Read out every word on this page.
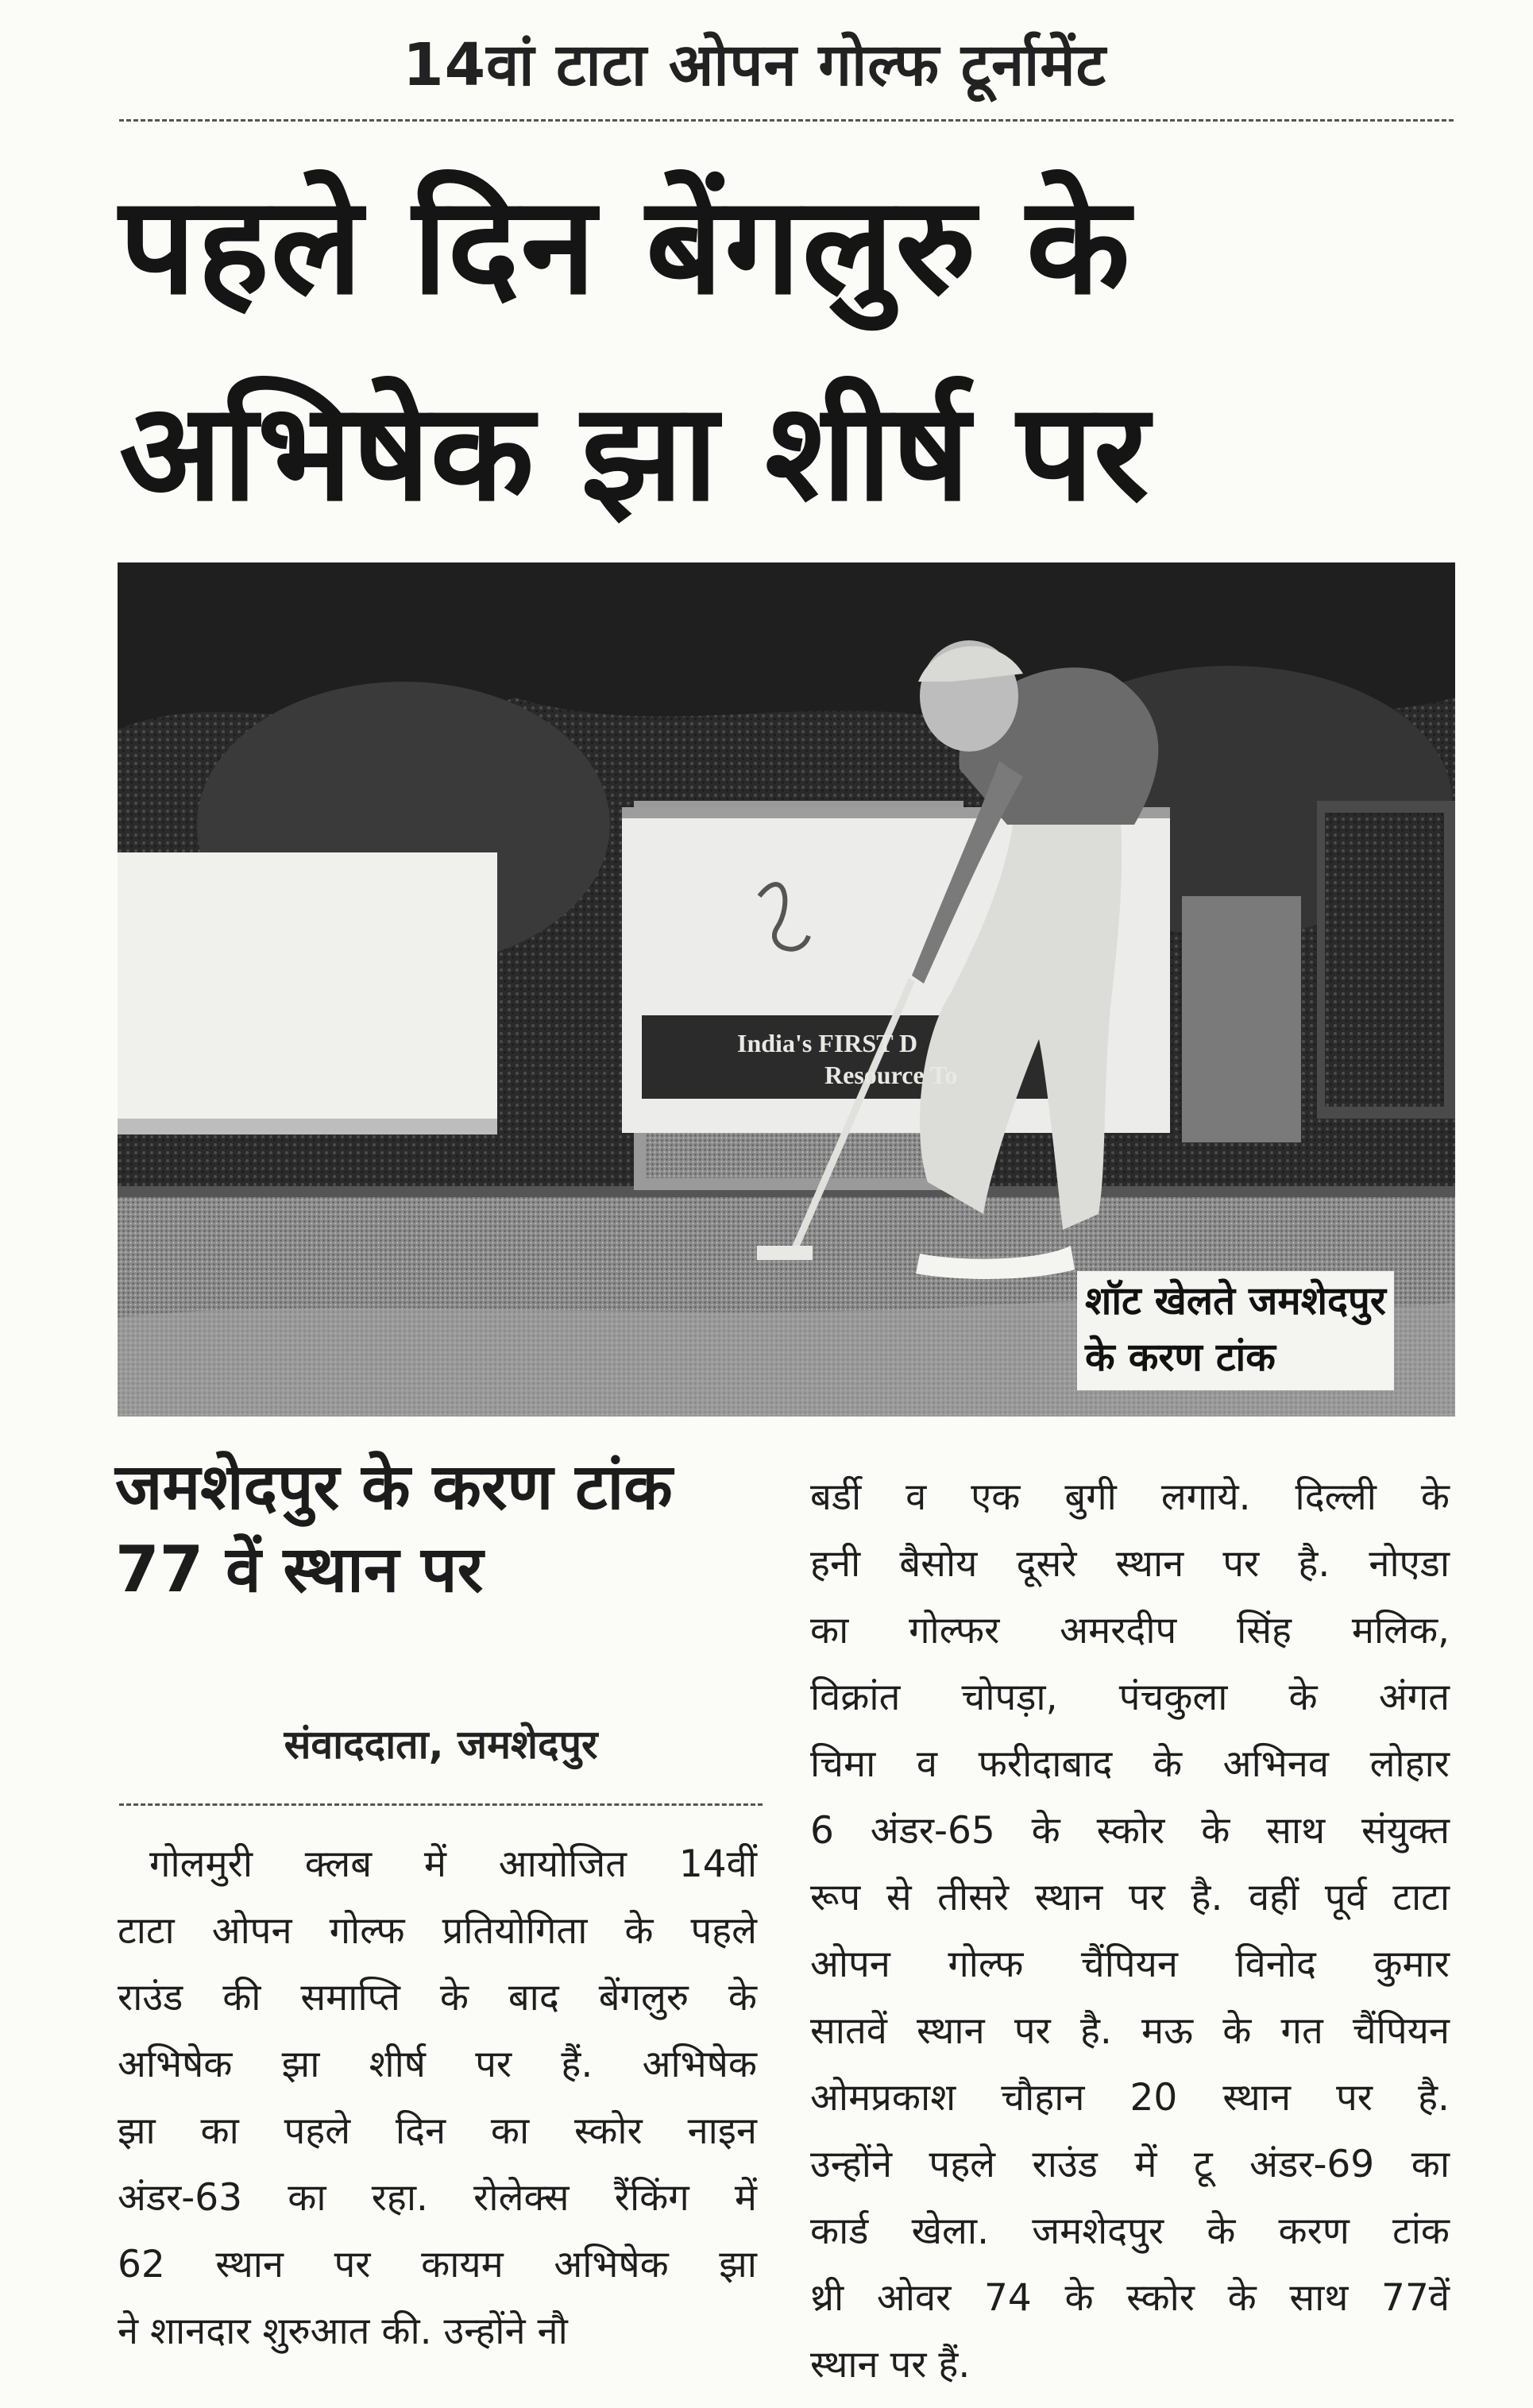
14वां टाटा ओपन गोल्फ टूर्नामेंट
पहले दिन बेंगलुरु के
अभिषेक झा शीर्ष पर
India's FIRST D
Resource To
शॉट खेलते जमशेदपुर
के करण टांक
जमशेदपुर के करण टांक
77 वें स्थान पर
संवाददाता, जमशेदपुर
गोलमुरी क्लब में आयोजित 14वीं
टाटा ओपन गोल्फ प्रतियोगिता के पहले
राउंड की समाप्ति के बाद बेंगलुरु के
अभिषेक झा शीर्ष पर हैं. अभिषेक
झा का पहले दिन का स्कोर नाइन
अंडर-63 का रहा. रोलेक्स रैंकिंग में
62 स्थान पर कायम अभिषेक झा
ने शानदार शुरुआत की. उन्होंने नौ
बर्डी व एक बुगी लगाये. दिल्ली के
हनी बैसोय दूसरे स्थान पर है. नोएडा
का गोल्फर अमरदीप सिंह मलिक,
विक्रांत चोपड़ा, पंचकुला के अंगत
चिमा व फरीदाबाद के अभिनव लोहार
6 अंडर-65 के स्कोर के साथ संयुक्त
रूप से तीसरे स्थान पर है. वहीं पूर्व टाटा
ओपन गोल्फ चैंपियन विनोद कुमार
सातवें स्थान पर है. मऊ के गत चैंपियन
ओमप्रकाश चौहान 20 स्थान पर है.
उन्होंने पहले राउंड में टू अंडर-69 का
कार्ड खेला. जमशेदपुर के करण टांक
थ्री ओवर 74 के स्कोर के साथ 77वें
स्थान पर हैं.
